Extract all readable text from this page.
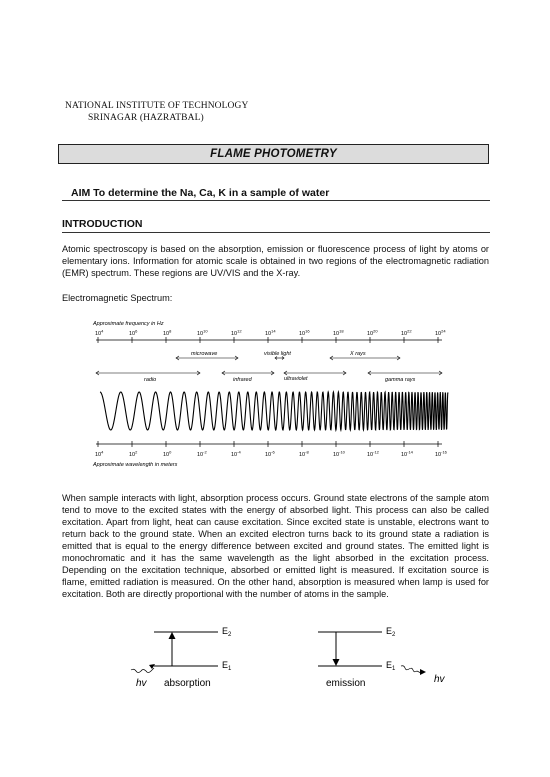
NATIONAL INSTITUTE OF TECHNOLOGY
SRINAGAR (HAZRATBAL)
FLAME PHOTOMETRY
AIM To determine the Na, Ca, K in a sample of water
INTRODUCTION
Atomic spectroscopy is based on the absorption, emission or fluorescence process of light by atoms or elementary ions. Information for atomic scale is obtained in two regions of the electromagnetic radiation (EMR) spectrum. These regions are UV/VIS and the X-ray.
Electromagnetic Spectrum:
Approximate frequency in Hz
$10^4$	$10^6$	$10^8$	$10^{10}$	$10^{12}$	$10^{14}$	$10^{16}$	$10^{18}$	$10^{20}$	$10^{22}$	$10^{24}$
microwave	visible light	X rays
radio	infrared	ultraviolet	gamma rays
$10^4$	$10^2$	$10^0$	$10^{-2}$	$10^{-4}$	$10^{-6}$	$10^{-8}$	$10^{-10}$	$10^{-12}$	$10^{-14}$	$10^{-16}$
Approximate wavelength in meters
When sample interacts with light, absorption process occurs. Ground state electrons of the sample atom tend to move to the excited states with the energy of absorbed light. This process can also be called excitation. Apart from light, heat can cause excitation. Since excited state is unstable, electrons want to return back to the ground state. When an excited electron turns back to its ground state a radiation is emitted that is equal to the energy difference between excited and ground states. The emitted light is monochromatic and it has the same wavelength as the light absorbed in the excitation process. Depending on the excitation technique, absorbed or emitted light is measured. If excitation source is flame, emitted radiation is measured. On the other hand, absorption is measured when lamp is used for excitation. Both are directly proportional with the number of atoms in the sample.
$E_2$
$E_1$
hv absorption
$E_2$
$E_1$
hv
emission
